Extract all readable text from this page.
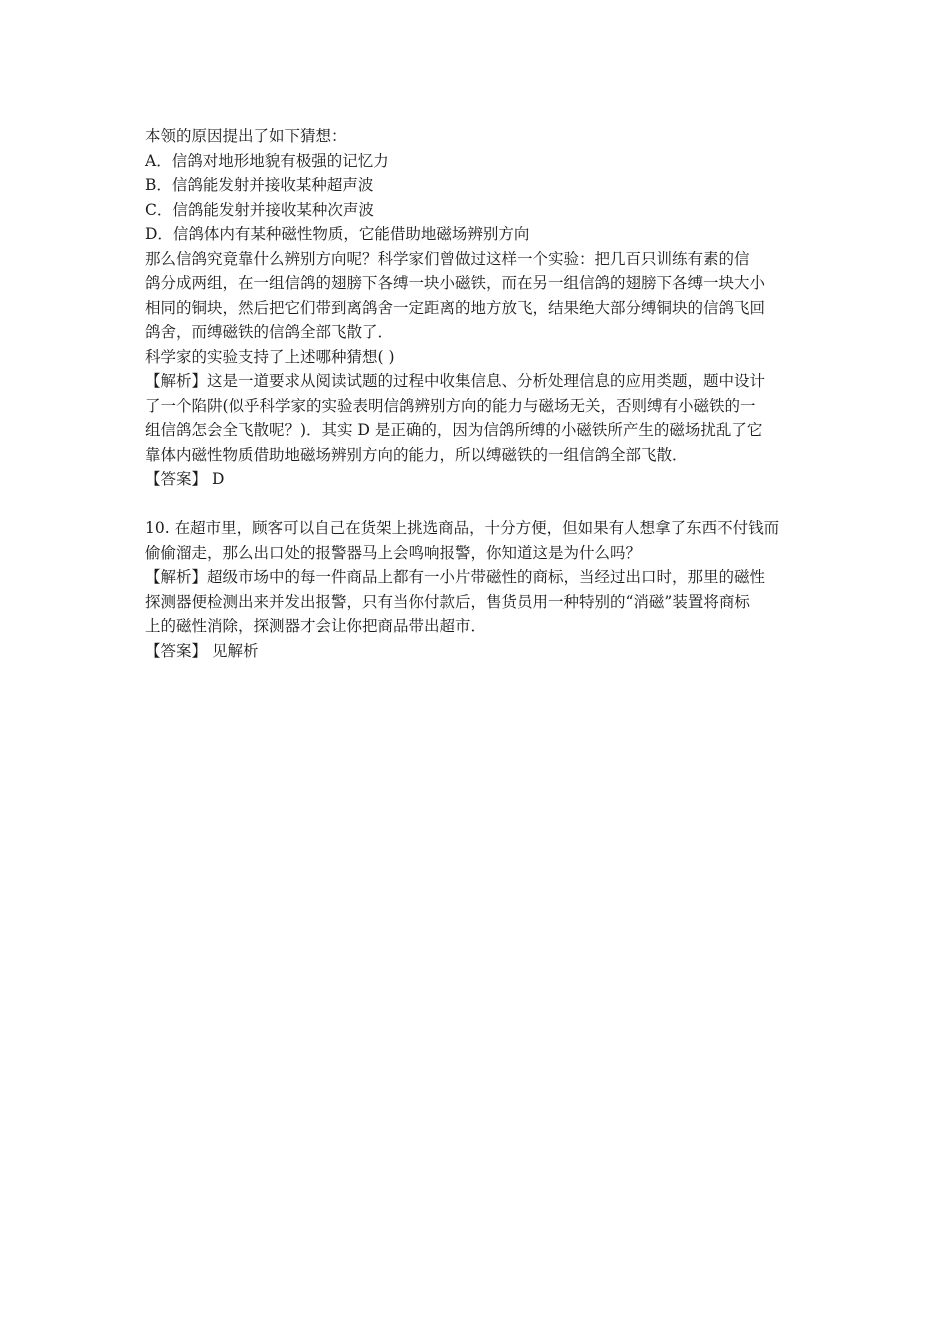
本领的原因提出了如下猜想：

A．信鸽对地形地貌有极强的记忆力

B．信鸽能发射并接收某种超声波

C．信鸽能发射并接收某种次声波

D．信鸽体内有某种磁性物质，它能借助地磁场辨别方向

那么信鸽究竟靠什么辨别方向呢？科学家们曾做过这样一个实验：把几百只训练有素的信

鸽分成两组，在一组信鸽的翅膀下各缚一块小磁铁，而在另一组信鸽的翅膀下各缚一块大小

相同的铜块，然后把它们带到离鸽舍一定距离的地方放飞，结果绝大部分缚铜块的信鸽飞回

鸽舍，而缚磁铁的信鸽全部飞散了．

科学家的实验支持了上述哪种猜想( )

【解析】这是一道要求从阅读试题的过程中收集信息、分析处理信息的应用类题，题中设计

了一个陷阱(似乎科学家的实验表明信鸽辨别方向的能力与磁场无关，否则缚有小磁铁的一

组信鸽怎会全飞散呢？)．其实 D 是正确的，因为信鸽所缚的小磁铁所产生的磁场扰乱了它

靠体内磁性物质借助地磁场辨别方向的能力，所以缚磁铁的一组信鸽全部飞散．

【答案】 D

10. 在超市里，顾客可以自己在货架上挑选商品，十分方便，但如果有人想拿了东西不付钱而

偷偷溜走，那么出口处的报警器马上会鸣响报警，你知道这是为什么吗？

【解析】超级市场中的每一件商品上都有一小片带磁性的商标，当经过出口时，那里的磁性

探测器便检测出来并发出报警，只有当你付款后，售货员用一种特别的“消磁”装置将商标

上的磁性消除，探测器才会让你把商品带出超市．

【答案】 见解析
